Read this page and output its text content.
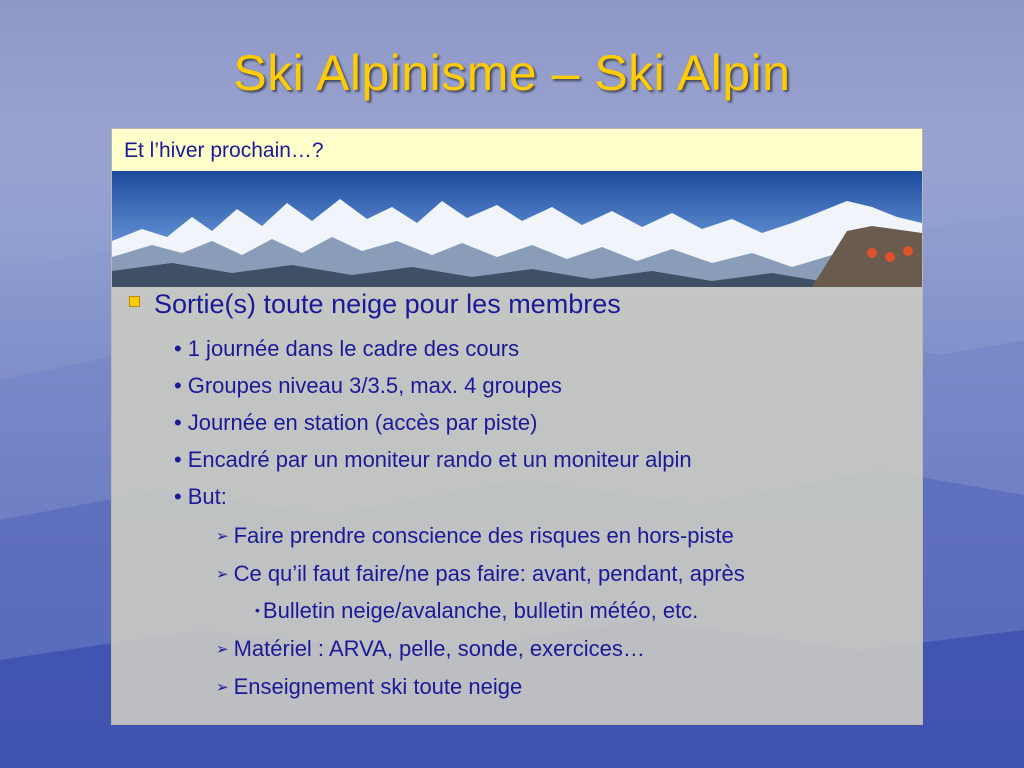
Ski Alpinisme – Ski Alpin
Et l’hiver prochain…?
Sortie(s) toute neige pour les membres
• 1 journée dans le cadre des cours
• Groupes niveau 3/3.5, max. 4 groupes
• Journée en station (accès par piste)
• Encadré par un moniteur rando et un moniteur alpin
• But:
➢ Faire prendre conscience des risques en hors-piste
➢ Ce qu’il faut faire/ne pas faire: avant, pendant, après
• Bulletin neige/avalanche, bulletin météo, etc.
➢ Matériel : ARVA, pelle, sonde, exercices…
➢ Enseignement ski toute neige
